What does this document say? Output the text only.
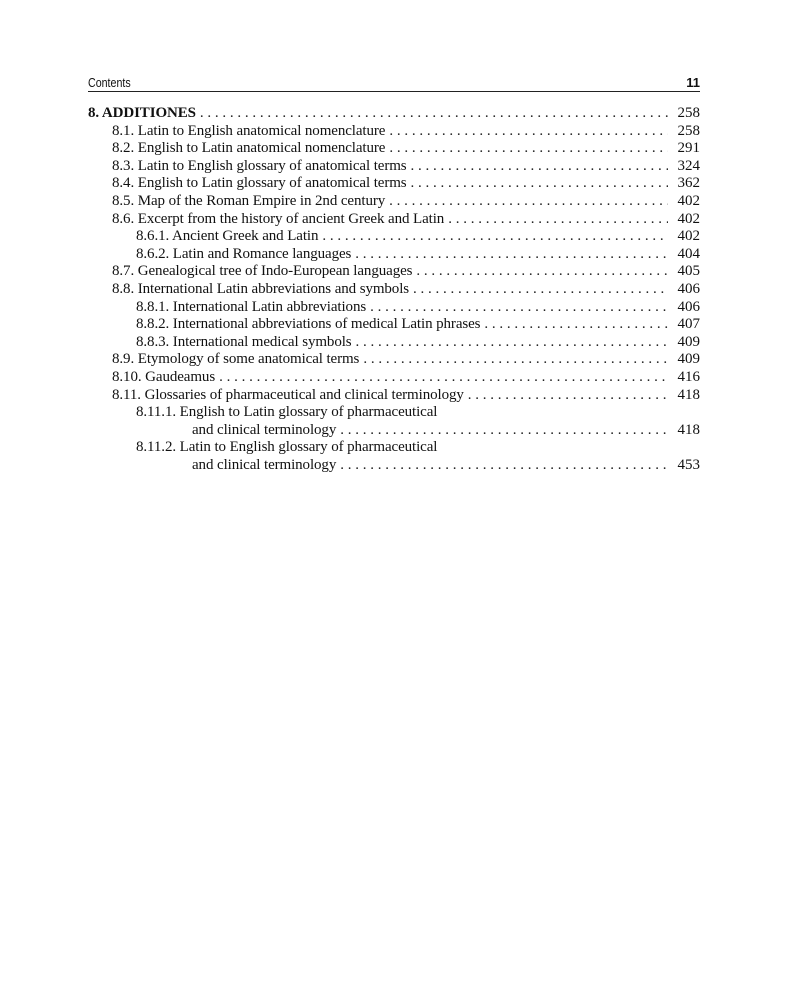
Contents	11
8. ADDITIONES . . .	258
8.1. Latin to English anatomical nomenclature . . .	258
8.2. English to Latin anatomical nomenclature . . .	291
8.3. Latin to English glossary of anatomical terms . . .	324
8.4. English to Latin glossary of anatomical terms . . .	362
8.5. Map of the Roman Empire in 2nd century . . .	402
8.6. Excerpt from the history of ancient Greek and Latin . . .	402
8.6.1. Ancient Greek and Latin . . .	402
8.6.2. Latin and Romance languages . . .	404
8.7. Genealogical tree of Indo-European languages . . .	405
8.8. International Latin abbreviations and symbols . . .	406
8.8.1. International Latin abbreviations . . .	406
8.8.2. International abbreviations of medical Latin phrases . . .	407
8.8.3. International medical symbols . . .	409
8.9. Etymology of some anatomical terms . . .	409
8.10. Gaudeamus . . .	416
8.11. Glossaries of pharmaceutical and clinical terminology . . .	418
8.11.1. English to Latin glossary of pharmaceutical
and clinical terminology . . .	418
8.11.2. Latin to English glossary of pharmaceutical
and clinical terminology . . .	453
